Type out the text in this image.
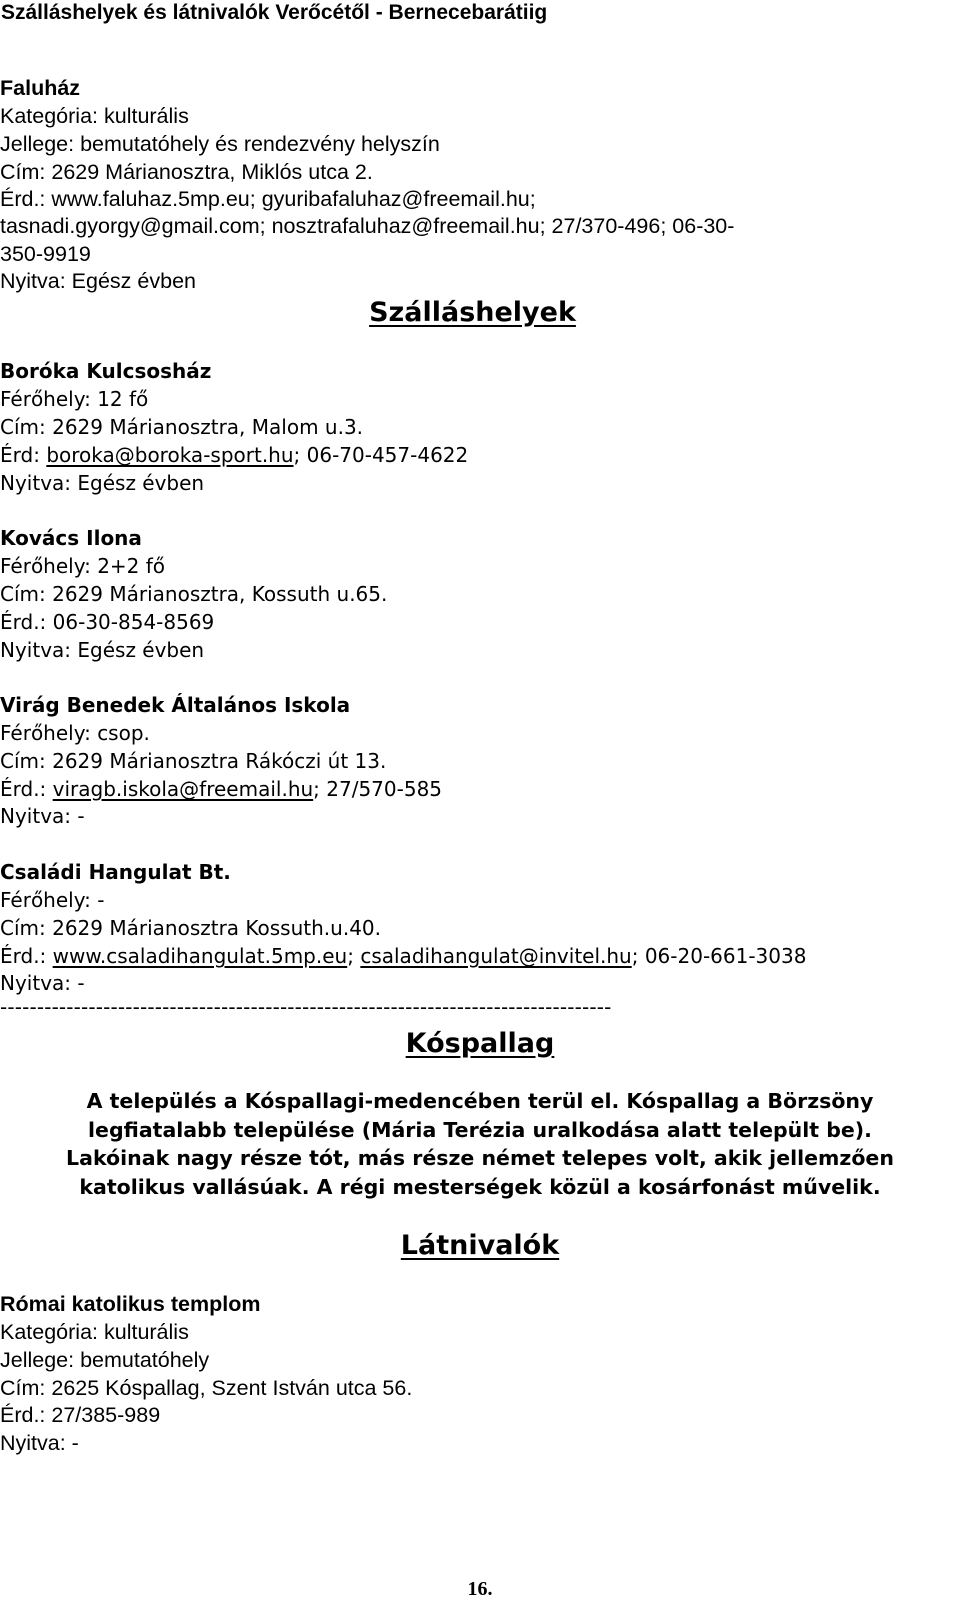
Szálláshelyek és látnivalók Verőcétől - Bernecebarátiig
Faluház
Kategória: kulturális
Jellege: bemutatóhely és rendezvény helyszín
Cím: 2629 Márianosztra, Miklós utca 2.
Érd.: www.faluhaz.5mp.eu; gyuribafaluhaz@freemail.hu;
tasnadi.gyorgy@gmail.com; nosztrafaluhaz@freemail.hu; 27/370-496; 06-30-
350-9919
Nyitva: Egész évben
Szálláshelyek
Boróka Kulcsosház
Férőhely: 12 fő
Cím: 2629 Márianosztra, Malom u.3.
Érd: boroka@boroka-sport.hu; 06-70-457-4622
Nyitva: Egész évben
Kovács Ilona
Férőhely: 2+2 fő
Cím: 2629 Márianosztra, Kossuth u.65.
Érd.: 06-30-854-8569
Nyitva: Egész évben
Virág Benedek Általános Iskola
Férőhely: csop.
Cím: 2629 Márianosztra Rákóczi út 13.
Érd.: viragb.iskola@freemail.hu; 27/570-585
Nyitva: -
Családi Hangulat Bt.
Férőhely: -
Cím: 2629 Márianosztra Kossuth.u.40.
Érd.: www.csaladihangulat.5mp.eu; csaladihangulat@invitel.hu; 06-20-661-3038
Nyitva: -
-----------------------------------------------------------------------------------
Kóspallag
A település a Kóspallagi-medencében terül el. Kóspallag a Börzsöny
legfiatalabb települése (Mária Terézia uralkodása alatt települt be).
Lakóinak nagy része tót, más része német telepes volt, akik jellemzően
katolikus vallásúak. A régi mesterségek közül a kosárfonást művelik.
Látnivalók
Római katolikus templom
Kategória: kulturális
Jellege: bemutatóhely
Cím: 2625 Kóspallag, Szent István utca 56.
Érd.: 27/385-989
Nyitva: -
16.
